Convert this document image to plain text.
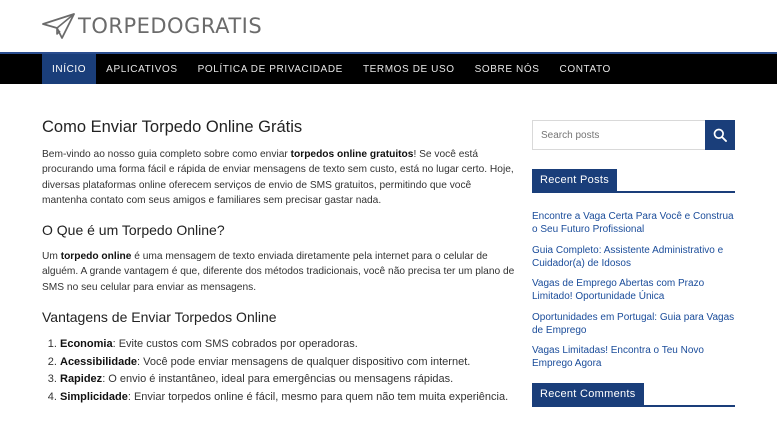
TORPEDOGRATIS
INÍCIO	APLICATIVOS	POLÍTICA DE PRIVACIDADE	TERMOS DE USO	SOBRE NÓS	CONTATO
Como Enviar Torpedo Online Grátis

Bem-vindo ao nosso guia completo sobre como enviar torpedos online gratuitos! Se você está procurando uma forma fácil e rápida de enviar mensagens de texto sem custo, está no lugar certo. Hoje, diversas plataformas online oferecem serviços de envio de SMS gratuitos, permitindo que você mantenha contato com seus amigos e familiares sem precisar gastar nada.

O Que é um Torpedo Online?

Um torpedo online é uma mensagem de texto enviada diretamente pela internet para o celular de alguém. A grande vantagem é que, diferente dos métodos tradicionais, você não precisa ter um plano de SMS no seu celular para enviar as mensagens.

Vantagens de Enviar Torpedos Online
1. Economia: Evite custos com SMS cobrados por operadoras.
2. Acessibilidade: Você pode enviar mensagens de qualquer dispositivo com internet.
3. Rapidez: O envio é instantâneo, ideal para emergências ou mensagens rápidas.
4. Simplicidade: Enviar torpedos online é fácil, mesmo para quem não tem muita experiência.
Search posts
Recent Posts
Encontre a Vaga Certa Para Você e Construa o Seu Futuro Profissional
Guia Completo: Assistente Administrativo e Cuidador(a) de Idosos
Vagas de Emprego Abertas com Prazo Limitado! Oportunidade Única
Oportunidades em Portugal: Guia para Vagas de Emprego
Vagas Limitadas! Encontra o Teu Novo Emprego Agora
Recent Comments
